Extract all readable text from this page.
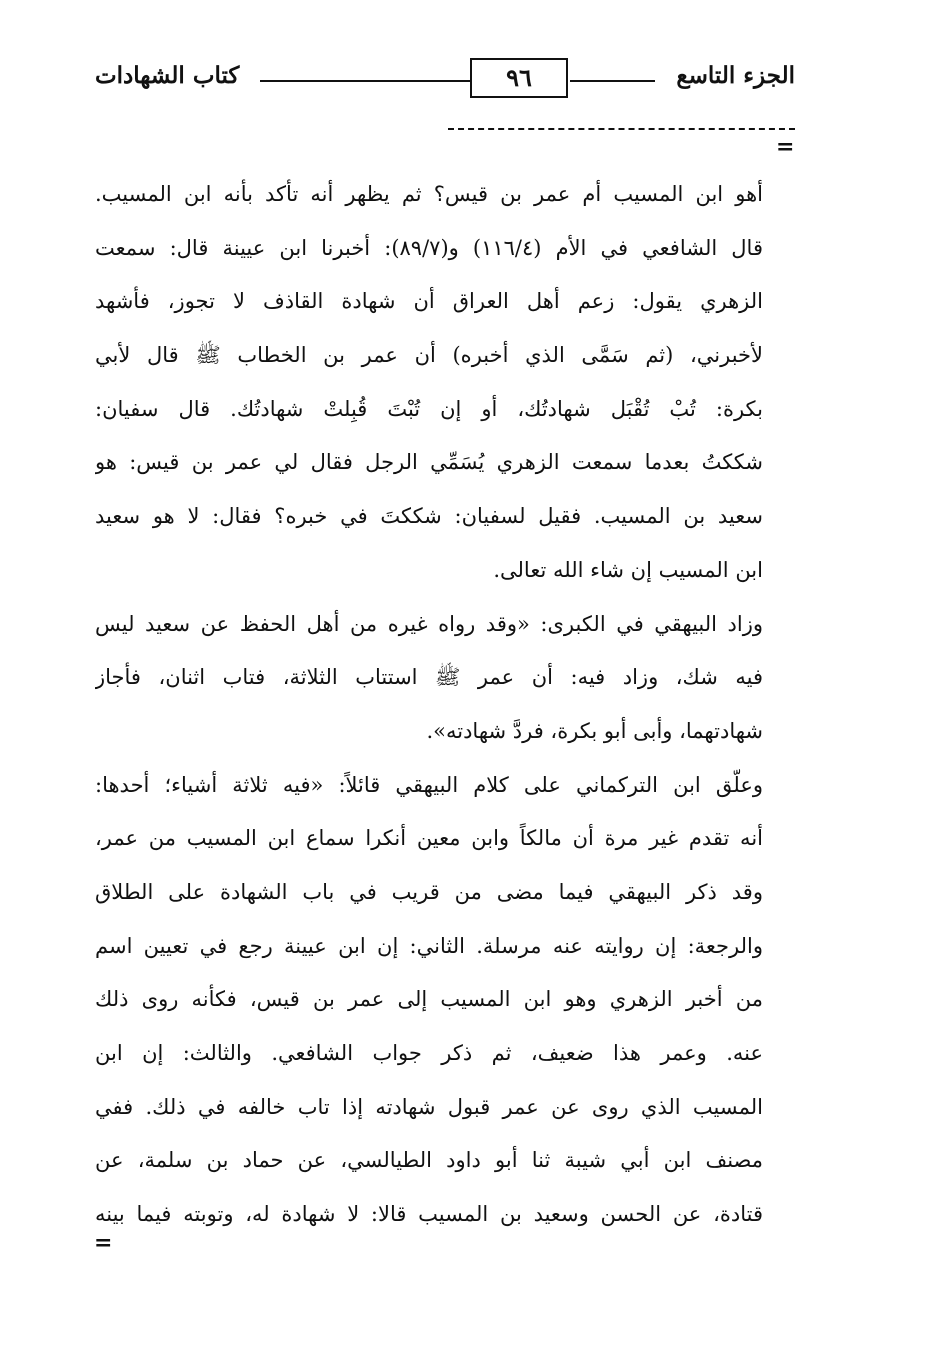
الجزء التاسع
٩٦
كتاب الشهادات
=
أهو ابن المسيب أم عمر بن قيس؟ ثم يظهر أنه تأكد بأنه ابن المسيب.
قال الشافعي في الأم (١١٦/٤) و(٨٩/٧): أخبرنا ابن عيينة قال: سمعت
الزهري يقول: زعم أهل العراق أن شهادة القاذف لا تجوز، فأشهد
لأخبرني، (ثم سَمَّى الذي أخبره) أن عمر بن الخطاب ﷺ قال لأبي
بكرة: تُبْ تُقْبَل شهادتُك، أو إن تُبْتَ قُبِلتْ شهادتُك. قال سفيان:
شككتُ بعدما سمعت الزهري يُسَمِّي الرجل فقال لي عمر بن قيس: هو
سعيد بن المسيب. فقيل لسفيان: شككتَ في خبره؟ فقال: لا هو سعيد
ابن المسيب إن شاء الله تعالى.
وزاد البيهقي في الكبرى: «وقد رواه غيره من أهل الحفظ عن سعيد ليس
فيه شك، وزاد فيه: أن عمر ﷺ استتاب الثلاثة، فتاب اثنان، فأجاز
شهادتهما، وأبى أبو بكرة، فردَّ شهادته».
وعلّق ابن التركماني على كلام البيهقي قائلاً: «فيه ثلاثة أشياء؛ أحدها:
أنه تقدم غير مرة أن مالكاً وابن معين أنكرا سماع ابن المسيب من عمر،
وقد ذكر البيهقي فيما مضى من قريب في باب الشهادة على الطلاق
والرجعة: إن روايته عنه مرسلة. الثاني: إن ابن عيينة رجع في تعيين اسم
من أخبر الزهري وهو ابن المسيب إلى عمر بن قيس، فكأنه روى ذلك
عنه. وعمر هذا ضعيف، ثم ذكر جواب الشافعي. والثالث: إن ابن
المسيب الذي روى عن عمر قبول شهادته إذا تاب خالفه في ذلك. ففي
مصنف ابن أبي شيبة ثنا أبو داود الطيالسي، عن حماد بن سلمة، عن
قتادة، عن الحسن وسعيد بن المسيب قالا: لا شهادة له، وتوبته فيما بينه
=
